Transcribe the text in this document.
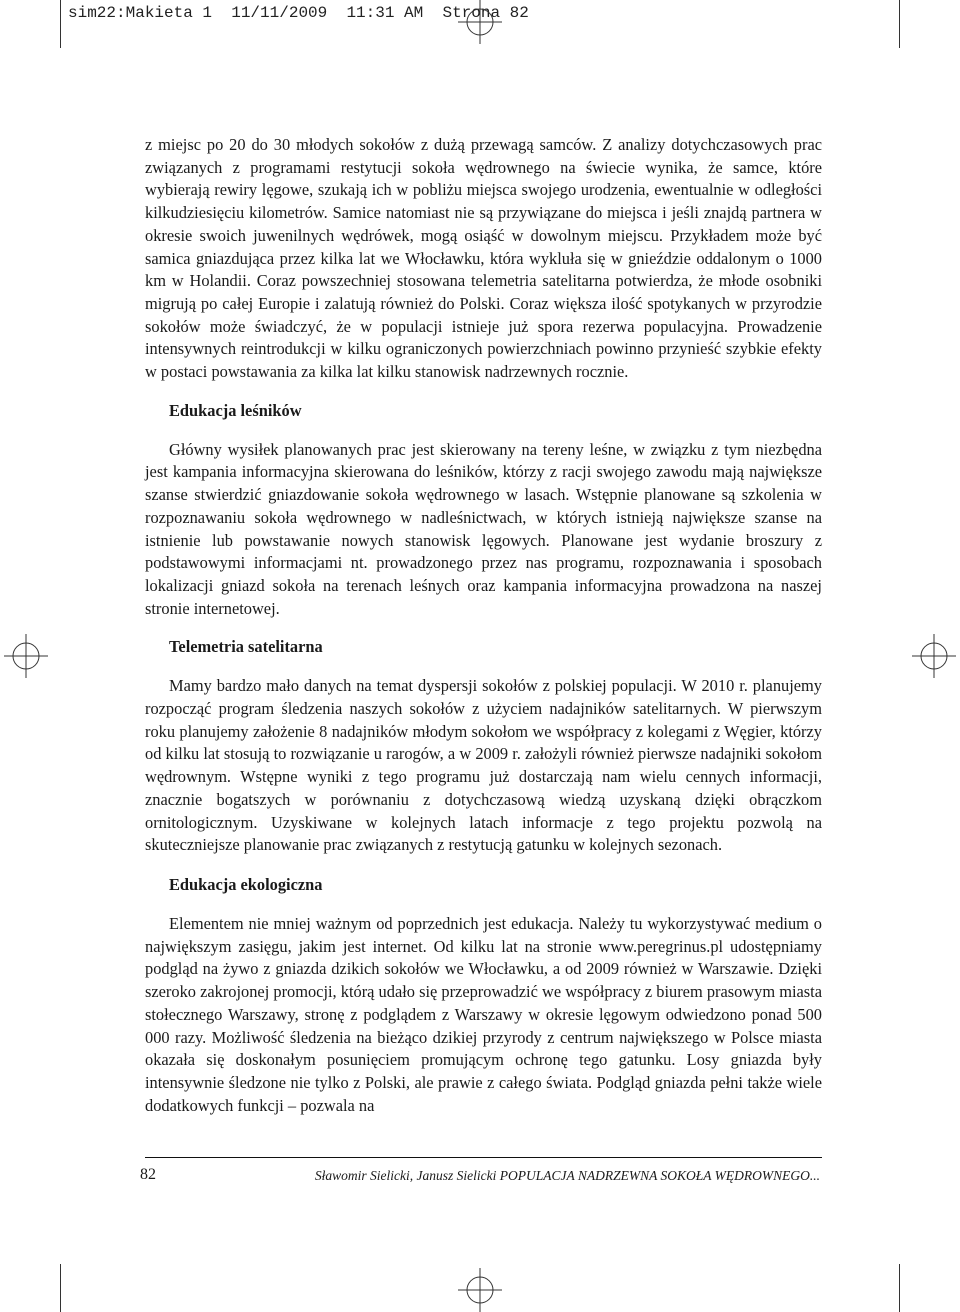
sim22:Makieta 1  11/11/2009  11:31 AM  Strona 82

z miejsc po 20 do 30 młodych sokołów z dużą przewagą samców. Z analizy dotychczasowych prac związanych z programami restytucji sokoła wędrownego na świecie wynika, że samce, które wybierają rewiry lęgowe, szukają ich w pobliżu miejsca swojego urodzenia, ewentualnie w odległości kilkudziesięciu kilometrów. Samice natomiast nie są przywiązane do miejsca i jeśli znajdą partnera w okresie swoich juwenilnych wędrówek, mogą osiąść w dowolnym miejscu. Przykładem może być samica gniazdująca przez kilka lat we Włocławku, która wykluła się w gnieździe oddalonym o 1000 km w Holandii. Coraz powszechniej stosowana telemetria satelitarna potwierdza, że młode osobniki migrują po całej Europie i zalatują również do Polski. Coraz większa ilość spotykanych w przyrodzie sokołów może świadczyć, że w populacji istnieje już spora rezerwa populacyjna. Prowadzenie intensywnych reintrodukcji w kilku ograniczonych powierzchniach powinno przynieść szybkie efekty w postaci powstawania za kilka lat kilku stanowisk nadrzewnych rocznie.

Edukacja leśników

Główny wysiłek planowanych prac jest skierowany na tereny leśne, w związku z tym niezbędna jest kampania informacyjna skierowana do leśników, którzy z racji swojego zawodu mają największe szanse stwierdzić gniazdowanie sokoła wędrownego w lasach. Wstępnie planowane są szkolenia w rozpoznawaniu sokoła wędrownego w nadleśnictwach, w których istnieją największe szanse na istnienie lub powstawanie nowych stanowisk lęgowych. Planowane jest wydanie broszury z podstawowymi informacjami nt. prowadzonego przez nas programu, rozpoznawania i sposobach lokalizacji gniazd sokoła na terenach leśnych oraz kampania informacyjna prowadzona na naszej stronie internetowej.

Telemetria satelitarna

Mamy bardzo mało danych na temat dyspersji sokołów z polskiej populacji. W 2010 r. planujemy rozpocząć program śledzenia naszych sokołów z użyciem nadajników satelitarnych. W pierwszym roku planujemy założenie 8 nadajników młodym sokołom we współpracy z kolegami z Węgier, którzy od kilku lat stosują to rozwiązanie u rarogów, a w 2009 r. założyli również pierwsze nadajniki sokołom wędrownym. Wstępne wyniki z tego programu już dostarczają nam wielu cennych informacji, znacznie bogatszych w porównaniu z dotychczasową wiedzą uzyskaną dzięki obrączkom ornitologicznym. Uzyskiwane w kolejnych latach informacje z tego projektu pozwolą na skuteczniejsze planowanie prac związanych z restytucją gatunku w kolejnych sezonach.

Edukacja ekologiczna

Elementem nie mniej ważnym od poprzednich jest edukacja. Należy tu wykorzystywać medium o największym zasięgu, jakim jest internet. Od kilku lat na stronie www.peregrinus.pl udostępniamy podgląd na żywo z gniazda dzikich sokołów we Włocławku, a od 2009 również w Warszawie. Dzięki szeroko zakrojonej promocji, którą udało się przeprowadzić we współpracy z biurem prasowym miasta stołecznego Warszawy, stronę z podglądem z Warszawy w okresie lęgowym odwiedzono ponad 500 000 razy. Możliwość śledzenia na bieżąco dzikiej przyrody z centrum największego w Polsce miasta okazała się doskonałym posunięciem promującym ochronę tego gatunku. Losy gniazda były intensywnie śledzone nie tylko z Polski, ale prawie z całego świata. Podgląd gniazda pełni także wiele dodatkowych funkcji – pozwala na

82	Sławomir Sielicki, Janusz Sielicki POPULACJA NADRZEWNA SOKOŁA WĘDROWNEGO...
